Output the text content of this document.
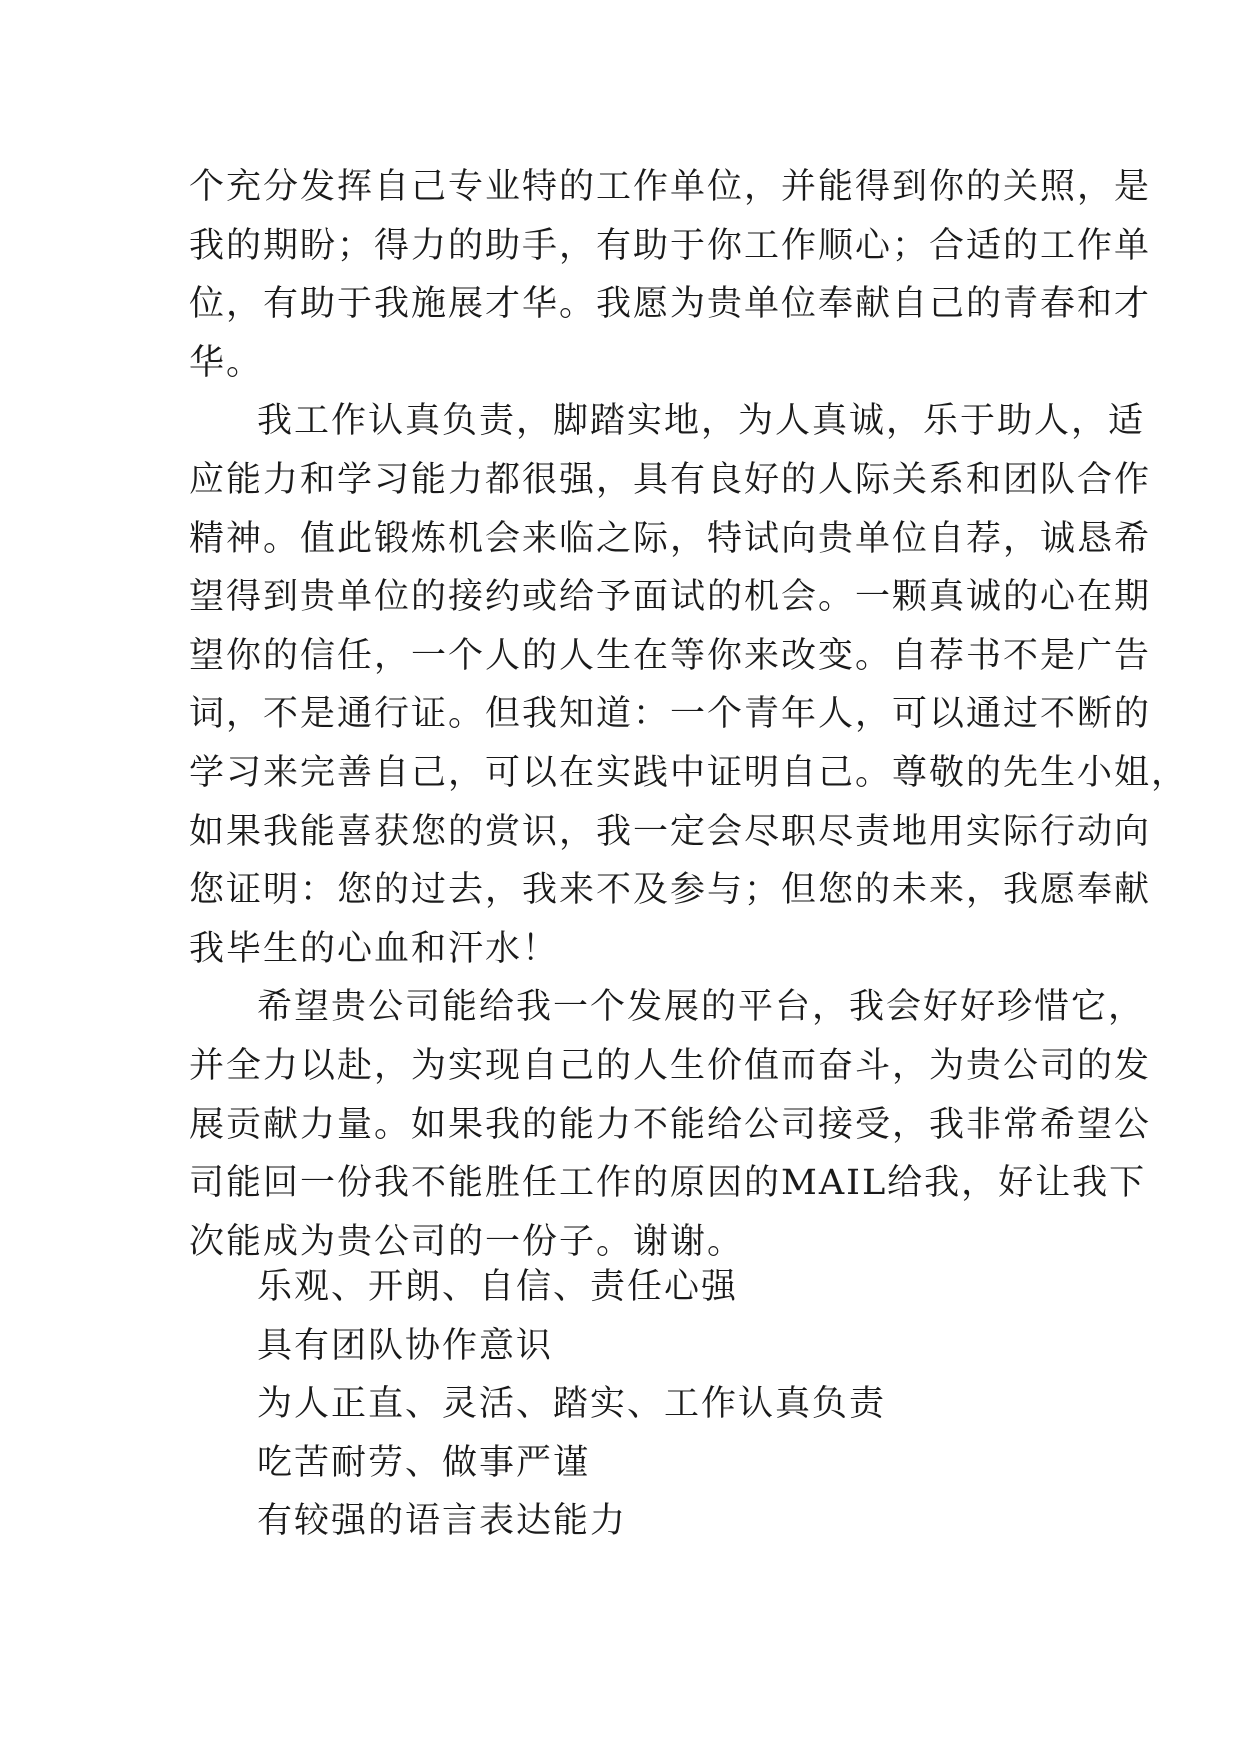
个充分发挥自己专业特的工作单位，并能得到你的关照，是
我的期盼；得力的助手，有助于你工作顺心；合适的工作单
位，有助于我施展才华。我愿为贵单位奉献自己的青春和才
华。
我工作认真负责，脚踏实地，为人真诚，乐于助人，适
应能力和学习能力都很强，具有良好的人际关系和团队合作
精神。值此锻炼机会来临之际，特试向贵单位自荐，诚恳希
望得到贵单位的接约或给予面试的机会。一颗真诚的心在期
望你的信任，一个人的人生在等你来改变。自荐书不是广告
词，不是通行证。但我知道：一个青年人，可以通过不断的
学习来完善自己，可以在实践中证明自己。尊敬的先生小姐，
如果我能喜获您的赏识，我一定会尽职尽责地用实际行动向
您证明：您的过去，我来不及参与；但您的未来，我愿奉献
我毕生的心血和汗水！
希望贵公司能给我一个发展的平台，我会好好珍惜它，
并全力以赴，为实现自己的人生价值而奋斗，为贵公司的发
展贡献力量。如果我的能力不能给公司接受，我非常希望公
司能回一份我不能胜任工作的原因的MAIL给我，好让我下
次能成为贵公司的一份子。谢谢。
乐观、开朗、自信、责任心强
具有团队协作意识
为人正直、灵活、踏实、工作认真负责
吃苦耐劳、做事严谨
有较强的语言表达能力
